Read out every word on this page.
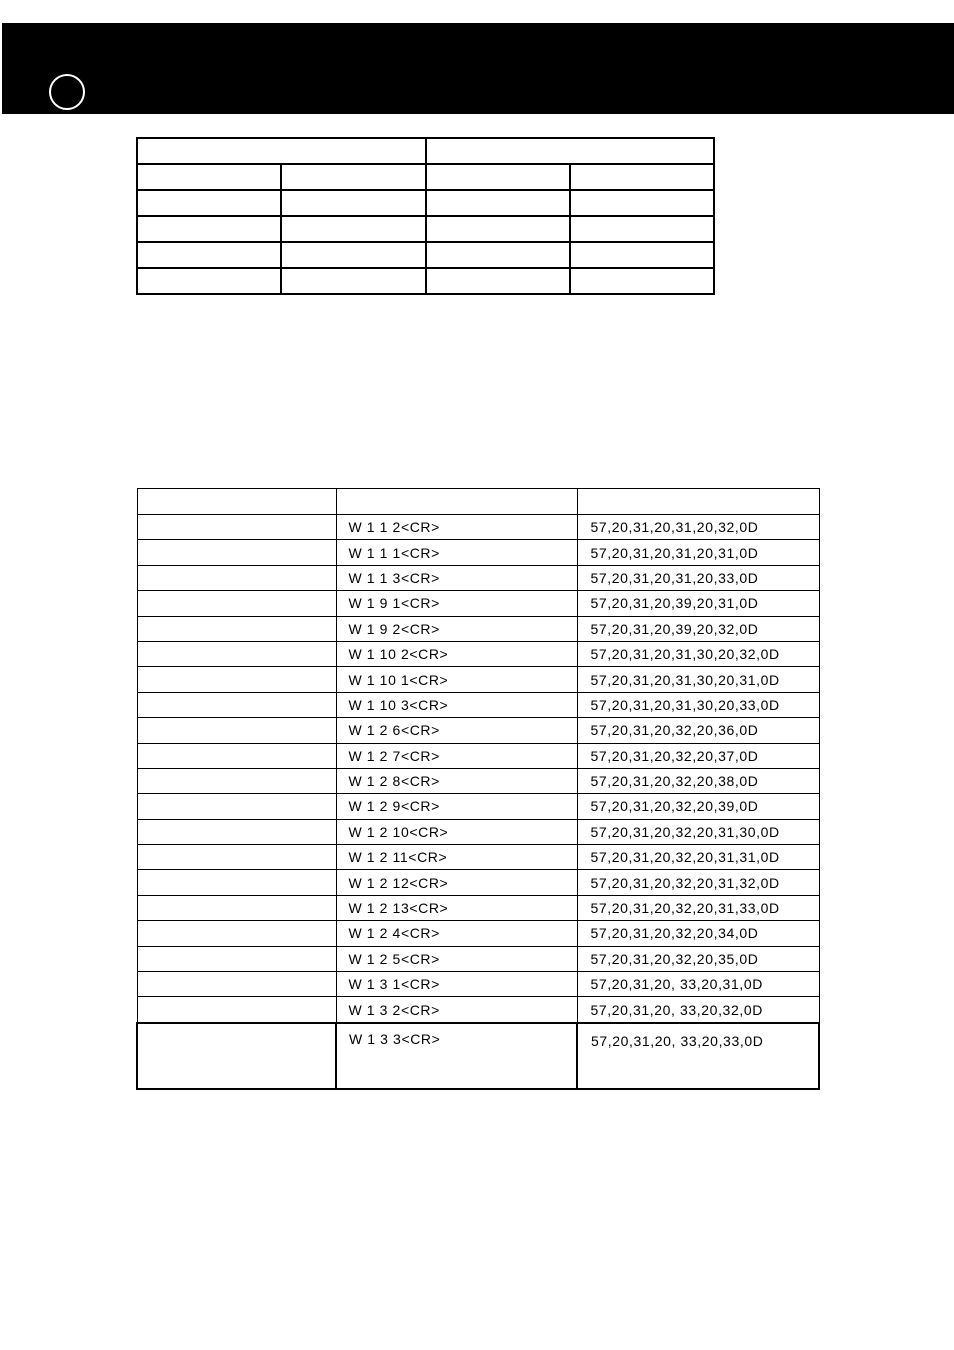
	W 1 1 2<CR>	57,20,31,20,31,20,32,0D
	W 1 1 1<CR>	57,20,31,20,31,20,31,0D
	W 1 1 3<CR>	57,20,31,20,31,20,33,0D
	W 1 9 1<CR>	57,20,31,20,39,20,31,0D
	W 1 9 2<CR>	57,20,31,20,39,20,32,0D
	W 1 10 2<CR>	57,20,31,20,31,30,20,32,0D
	W 1 10 1<CR>	57,20,31,20,31,30,20,31,0D
	W 1 10 3<CR>	57,20,31,20,31,30,20,33,0D
	W 1 2 6<CR>	57,20,31,20,32,20,36,0D
	W 1 2 7<CR>	57,20,31,20,32,20,37,0D
	W 1 2 8<CR>	57,20,31,20,32,20,38,0D
	W 1 2 9<CR>	57,20,31,20,32,20,39,0D
	W 1 2 10<CR>	57,20,31,20,32,20,31,30,0D
	W 1 2 11<CR>	57,20,31,20,32,20,31,31,0D
	W 1 2 12<CR>	57,20,31,20,32,20,31,32,0D
	W 1 2 13<CR>	57,20,31,20,32,20,31,33,0D
	W 1 2 4<CR>	57,20,31,20,32,20,34,0D
	W 1 2 5<CR>	57,20,31,20,32,20,35,0D
	W 1 3 1<CR>	57,20,31,20, 33,20,31,0D
	W 1 3 2<CR>	57,20,31,20, 33,20,32,0D
	W 1 3 3<CR>	57,20,31,20, 33,20,33,0D
